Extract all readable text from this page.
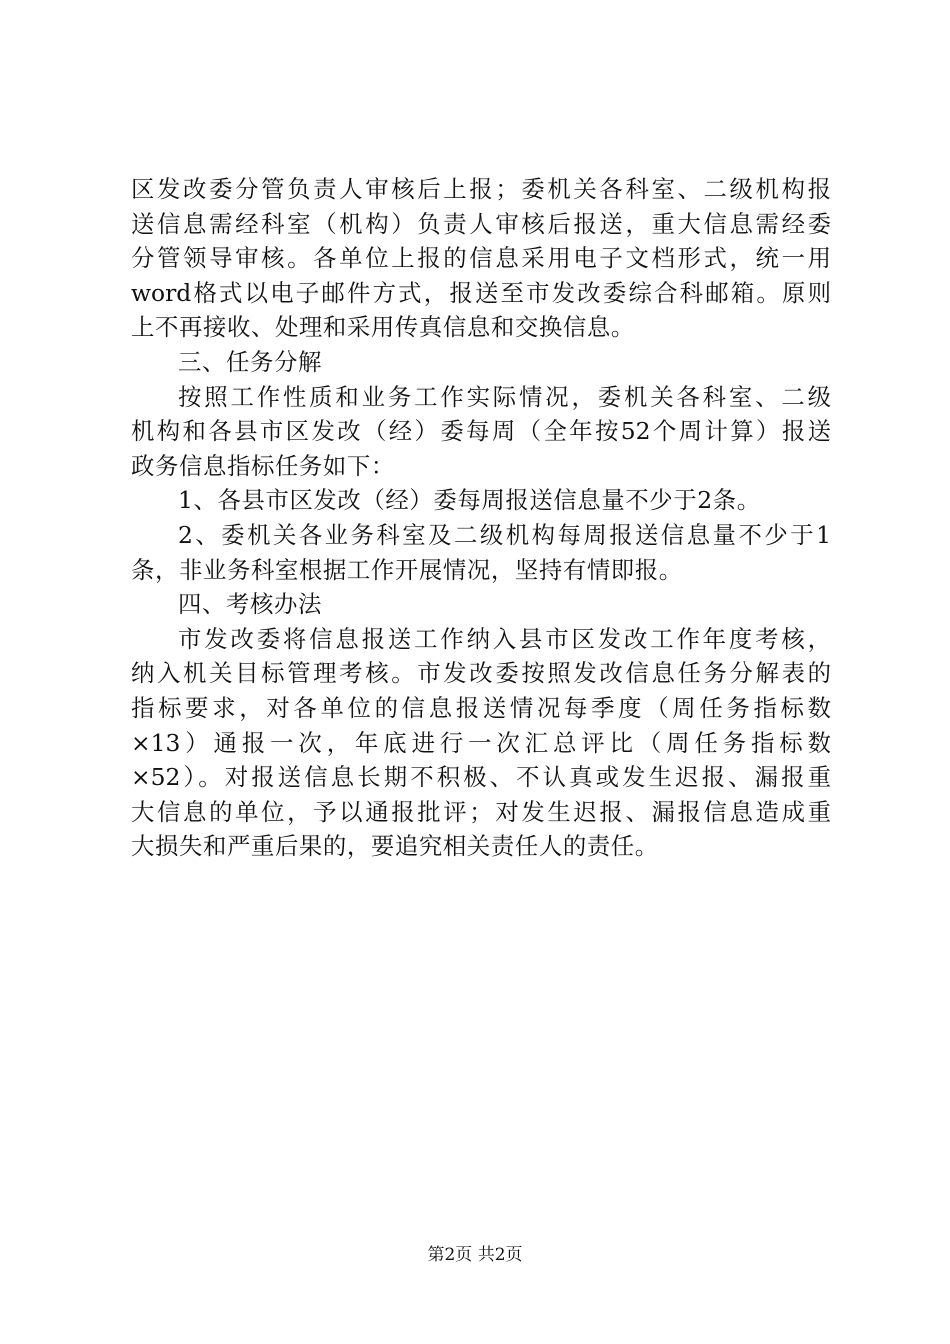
区发改委分管负责人审核后上报；委机关各科室、二级机构报
送信息需经科室（机构）负责人审核后报送，重大信息需经委
分管领导审核。各单位上报的信息采用电子文档形式，统一用
word格式以电子邮件方式，报送至市发改委综合科邮箱。原则
上不再接收、处理和采用传真信息和交换信息。
三、任务分解
按照工作性质和业务工作实际情况，委机关各科室、二级
机构和各县市区发改（经）委每周（全年按52个周计算）报送
政务信息指标任务如下：
1、各县市区发改（经）委每周报送信息量不少于2条。
2、委机关各业务科室及二级机构每周报送信息量不少于1
条，非业务科室根据工作开展情况，坚持有情即报。
四、考核办法
市发改委将信息报送工作纳入县市区发改工作年度考核，
纳入机关目标管理考核。市发改委按照发改信息任务分解表的
指标要求，对各单位的信息报送情况每季度（周任务指标数
×13）通报一次，年底进行一次汇总评比（周任务指标数
×52）。对报送信息长期不积极、不认真或发生迟报、漏报重
大信息的单位，予以通报批评；对发生迟报、漏报信息造成重
大损失和严重后果的，要追究相关责任人的责任。
第2页 共2页
